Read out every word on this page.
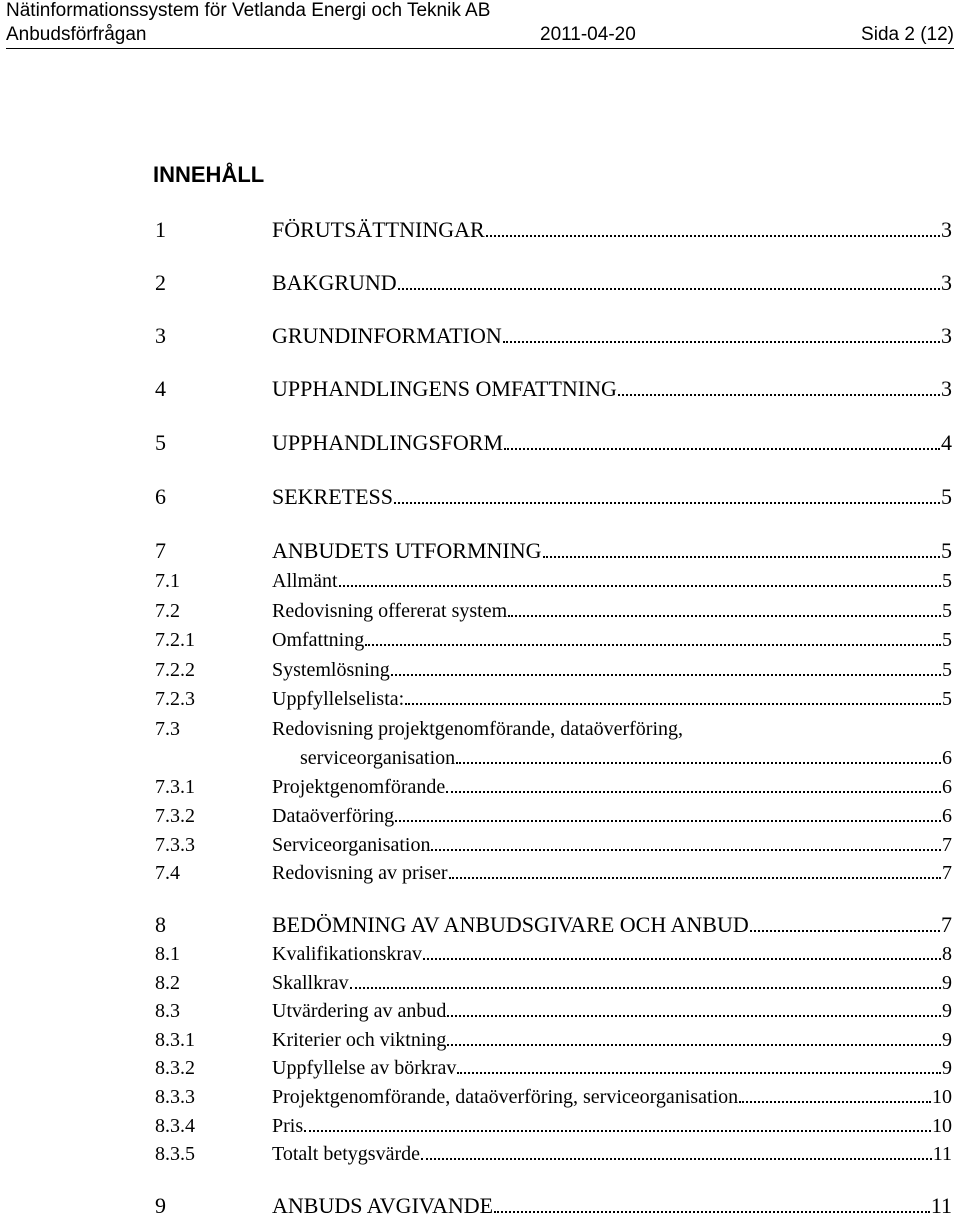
Nätinformationssystem för Vetlanda Energi och Teknik AB
Anbudsförfrågan	2011-04-20	Sida 2 (12)
INNEHÅLL
1	FÖRUTSÄTTNINGAR	3
2	BAKGRUND	3
3	GRUNDINFORMATION	3
4	UPPHANDLINGENS OMFATTNING	3
5	UPPHANDLINGSFORM	4
6	SEKRETESS	5
7	ANBUDETS UTFORMNING	5
7.1	Allmänt	5
7.2	Redovisning offererat system	5
7.2.1	Omfattning	5
7.2.2	Systemlösning	5
7.2.3	Uppfyllelselista:	5
7.3	Redovisning projektgenomförande, dataöverföring,
serviceorganisation	6
7.3.1	Projektgenomförande	6
7.3.2	Dataöverföring	6
7.3.3	Serviceorganisation	7
7.4	Redovisning av priser	7
8	BEDÖMNING AV ANBUDSGIVARE OCH ANBUD	7
8.1	Kvalifikationskrav	8
8.2	Skallkrav	9
8.3	Utvärdering av anbud	9
8.3.1	Kriterier och viktning	9
8.3.2	Uppfyllelse av börkrav	9
8.3.3	Projektgenomförande, dataöverföring, serviceorganisation	10
8.3.4	Pris	10
8.3.5	Totalt betygsvärde	11
9	ANBUDS AVGIVANDE	11
